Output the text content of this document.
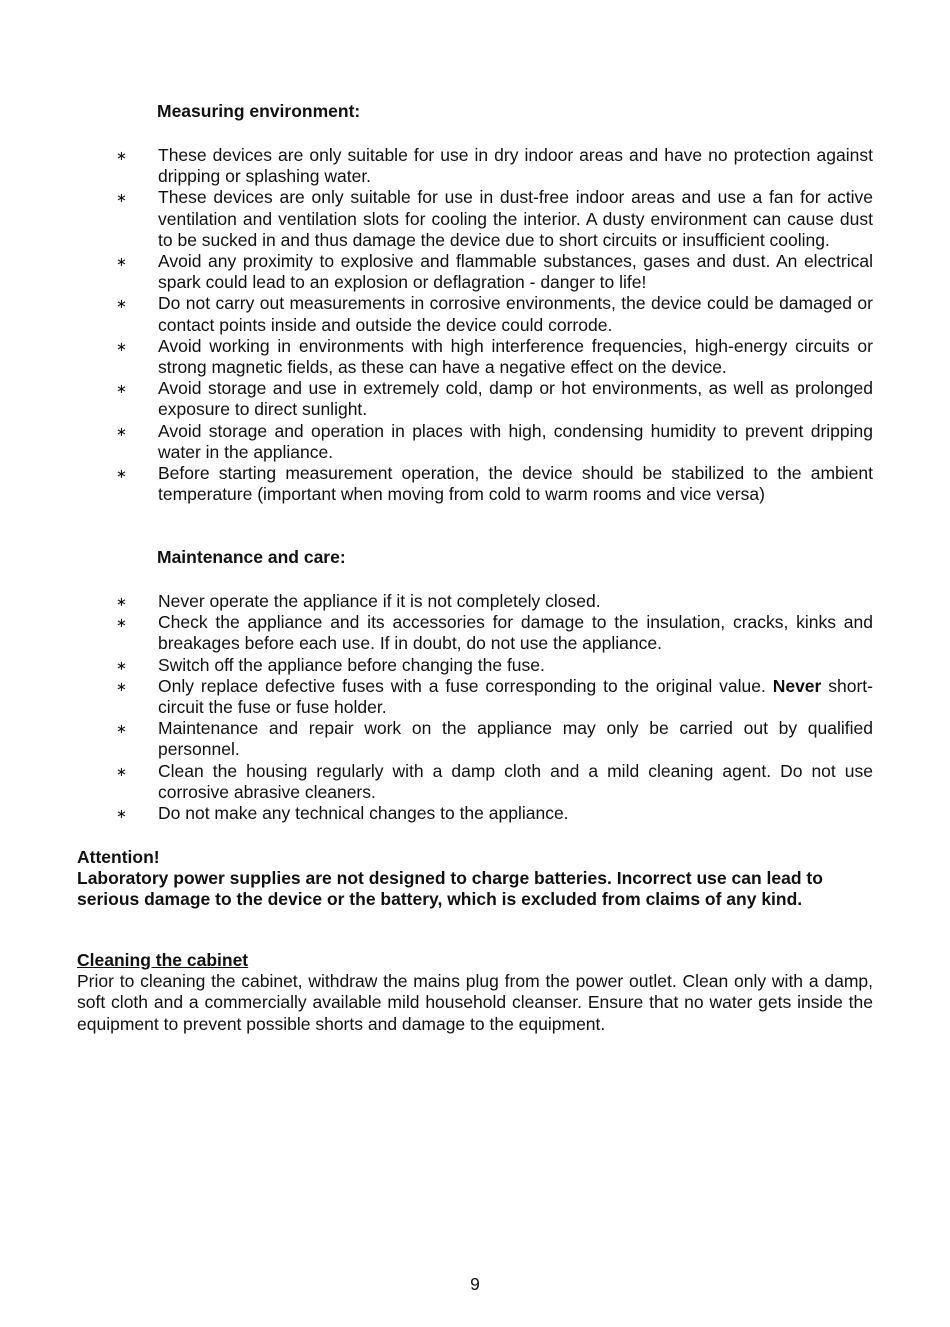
Measuring environment:
∗ These devices are only suitable for use in dry indoor areas and have no protection against dripping or splashing water.
∗ These devices are only suitable for use in dust-free indoor areas and use a fan for active ventilation and ventilation slots for cooling the interior. A dusty environment can cause dust to be sucked in and thus damage the device due to short circuits or insufficient cooling.
∗ Avoid any proximity to explosive and flammable substances, gases and dust. An electrical spark could lead to an explosion or deflagration - danger to life!
∗ Do not carry out measurements in corrosive environments, the device could be damaged or contact points inside and outside the device could corrode.
∗ Avoid working in environments with high interference frequencies, high-energy circuits or strong magnetic fields, as these can have a negative effect on the device.
∗ Avoid storage and use in extremely cold, damp or hot environments, as well as prolonged exposure to direct sunlight.
∗ Avoid storage and operation in places with high, condensing humidity to prevent dripping water in the appliance.
∗ Before starting measurement operation, the device should be stabilized to the ambient temperature (important when moving from cold to warm rooms and vice versa)
Maintenance and care:
∗ Never operate the appliance if it is not completely closed.
∗ Check the appliance and its accessories for damage to the insulation, cracks, kinks and breakages before each use. If in doubt, do not use the appliance.
∗ Switch off the appliance before changing the fuse.
∗ Only replace defective fuses with a fuse corresponding to the original value. Never short-circuit the fuse or fuse holder.
∗ Maintenance and repair work on the appliance may only be carried out by qualified personnel.
∗ Clean the housing regularly with a damp cloth and a mild cleaning agent. Do not use corrosive abrasive cleaners.
∗ Do not make any technical changes to the appliance.

Attention!

Laboratory power supplies are not designed to charge batteries. Incorrect use can lead to serious damage to the device or the battery, which is excluded from claims of any kind.

Cleaning the cabinet

Prior to cleaning the cabinet, withdraw the mains plug from the power outlet. Clean only with a damp, soft cloth and a commercially available mild household cleanser. Ensure that no water gets inside the equipment to prevent possible shorts and damage to the equipment.

9
